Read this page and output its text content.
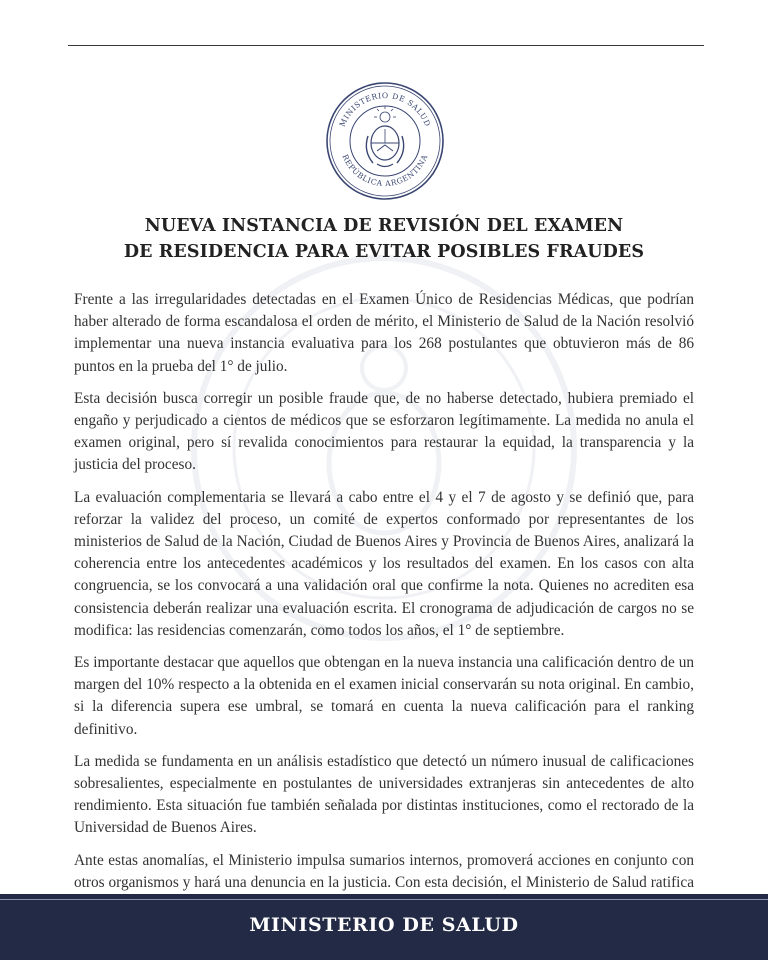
MINISTERIO DE SALUD
REPÚBLICA ARGENTINA
NUEVA INSTANCIA DE REVISIÓN DEL EXAMEN
DE RESIDENCIA PARA EVITAR POSIBLES FRAUDES

Frente a las irregularidades detectadas en el Examen Único de Residencias Médicas, que podrían haber alterado de forma escandalosa el orden de mérito, el Ministerio de Salud de la Nación resolvió implementar una nueva instancia evaluativa para los 268 postulantes que obtuvieron más de 86 puntos en la prueba del 1° de julio.

Esta decisión busca corregir un posible fraude que, de no haberse detectado, hubiera premiado el engaño y perjudicado a cientos de médicos que se esforzaron legítimamente. La medida no anula el examen original, pero sí revalida conocimientos para restaurar la equidad, la transparencia y la justicia del proceso.

La evaluación complementaria se llevará a cabo entre el 4 y el 7 de agosto y se definió que, para reforzar la validez del proceso, un comité de expertos conformado por representantes de los ministerios de Salud de la Nación, Ciudad de Buenos Aires y Provincia de Buenos Aires, analizará la coherencia entre los antecedentes académicos y los resultados del examen. En los casos con alta congruencia, se los convocará a una validación oral que confirme la nota. Quienes no acrediten esa consistencia deberán realizar una evaluación escrita. El cronograma de adjudicación de cargos no se modifica: las residencias comenzarán, como todos los años, el 1° de septiembre.

Es importante destacar que aquellos que obtengan en la nueva instancia una calificación dentro de un margen del 10% respecto a la obtenida en el examen inicial conservarán su nota original. En cambio, si la diferencia supera ese umbral, se tomará en cuenta la nueva calificación para el ranking definitivo.

La medida se fundamenta en un análisis estadístico que detectó un número inusual de calificaciones sobresalientes, especialmente en postulantes de universidades extranjeras sin antecedentes de alto rendimiento. Esta situación fue también señalada por distintas instituciones, como el rectorado de la Universidad de Buenos Aires.

Ante estas anomalías, el Ministerio impulsa sumarios internos, promoverá acciones en conjunto con otros organismos y hará una denuncia en la justicia. Con esta decisión, el Ministerio de Salud ratifica

MINISTERIO DE SALUD
